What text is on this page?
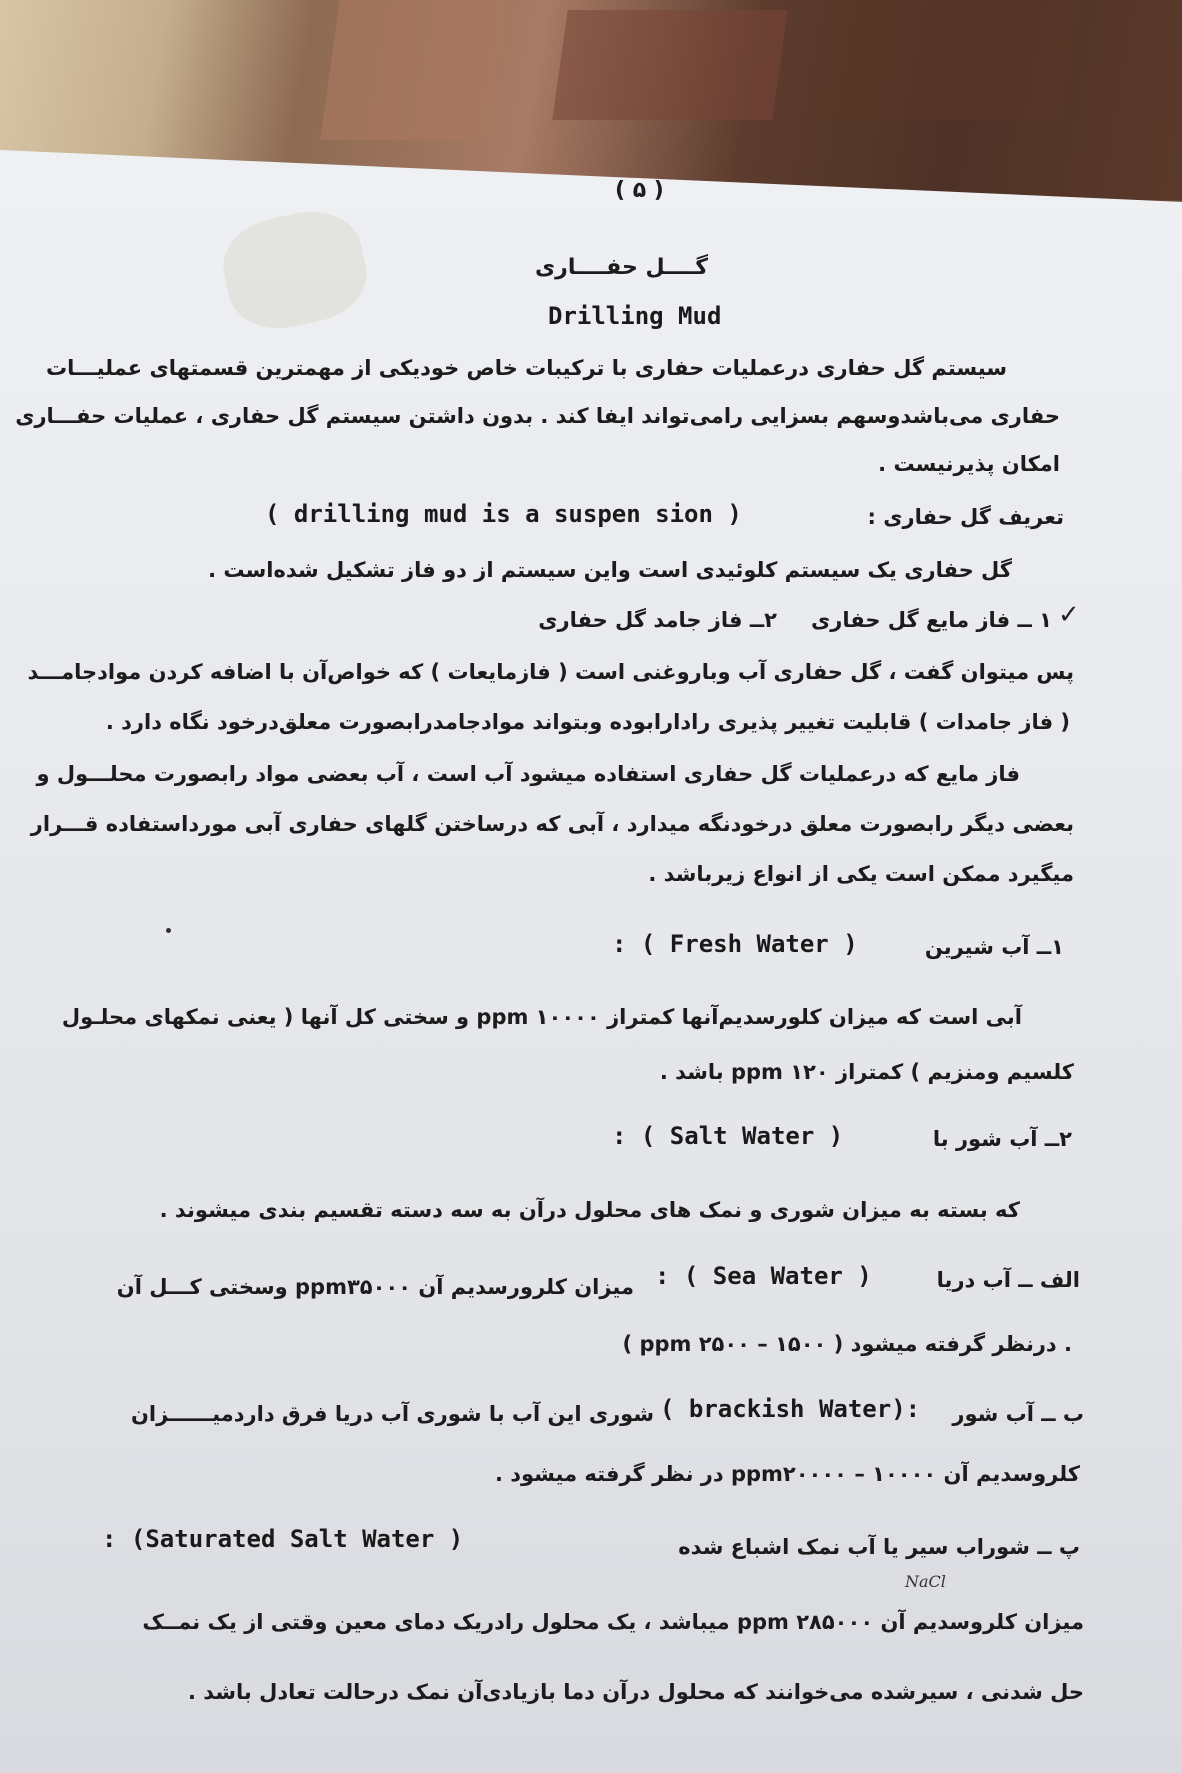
( ۵ )
گــــل حفــــاری
Drilling Mud
سیستم گل حفاری درعملیات حفاری با ترکیبات خاص خودیکی از مهمترین قسمتهای عملیـــات
حفاری می‌باشدوسهم بسزایی رامی‌تواند ایفا کند . بدون داشتن سیستم گل حفاری ، عملیات حفـــاری
امکان پذیرنیست .
تعریف گل حفاری :
( drilling mud is a suspen sion )
گل حفاری یک سیستم کلوئیدی است واین سیستم از دو فاز تشکیل شده‌است .
✓
۱ ــ فاز مایع گل حفاری
۲ــ فاز جامد گل حفاری
پس میتوان گفت ، گل حفاری آب وباروغنی است ( فازمایعات ) که خواص‌آن با اضافه کردن موادجامـــد
( فاز جامدات ) قابلیت تغییر پذیری رادارابوده وبتواند موادجامدرابصورت معلق‌درخود نگاه دارد .
فاز مایع که درعملیات گل حفاری استفاده میشود آب است ، آب بعضی مواد رابصورت محلـــول و
بعضی دیگر رابصورت معلق درخودنگه میدارد ، آبی که درساختن گلهای حفاری آبی مورداستفاده قـــرار
میگیرد ممکن است یکی از انواع زیرباشد .
۱ــ آب شیرین
: ( Fresh Water )
آبی است که میزان کلورسدیم‌آنها کمتراز ppm ۱۰۰۰۰ و سختی کل آنها ( یعنی نمکهای محلـول
کلسیم ومنزیم ) کمتراز ppm ۱۲۰ باشد .
۲ــ آب شور با
: ( Salt Water )
که بسته به میزان شوری و نمک های محلول درآن به سه دسته تقسیم بندی میشوند .
الف ــ آب دریا
: ( Sea Water )
میزان کلرورسدیم آن ppm۳۵۰۰۰ وسختی کـــل آن
( ppm ۲۵۰۰ – ۱۵۰۰ ) درنظر گرفته میشود .
ب ــ آب شور
( brackish Water):
شوری این آب با شوری آب دریا فرق داردمیــــــزان
کلروسدیم آن ppm۲۰۰۰۰ – ۱۰۰۰۰ در نظر گرفته میشود .
پ ــ شوراب سیر یا آب نمک اشباع شده
: (Saturated Salt Water )
NaCl
میزان کلروسدیم آن ppm ۲۸۵۰۰۰ میباشد ، یک محلول رادریک دمای معین وقتی از یک نمــک
حل شدنی ، سیرشده می‌خوانند که محلول درآن دما بازیادی‌آن نمک درحالت تعادل باشد .
